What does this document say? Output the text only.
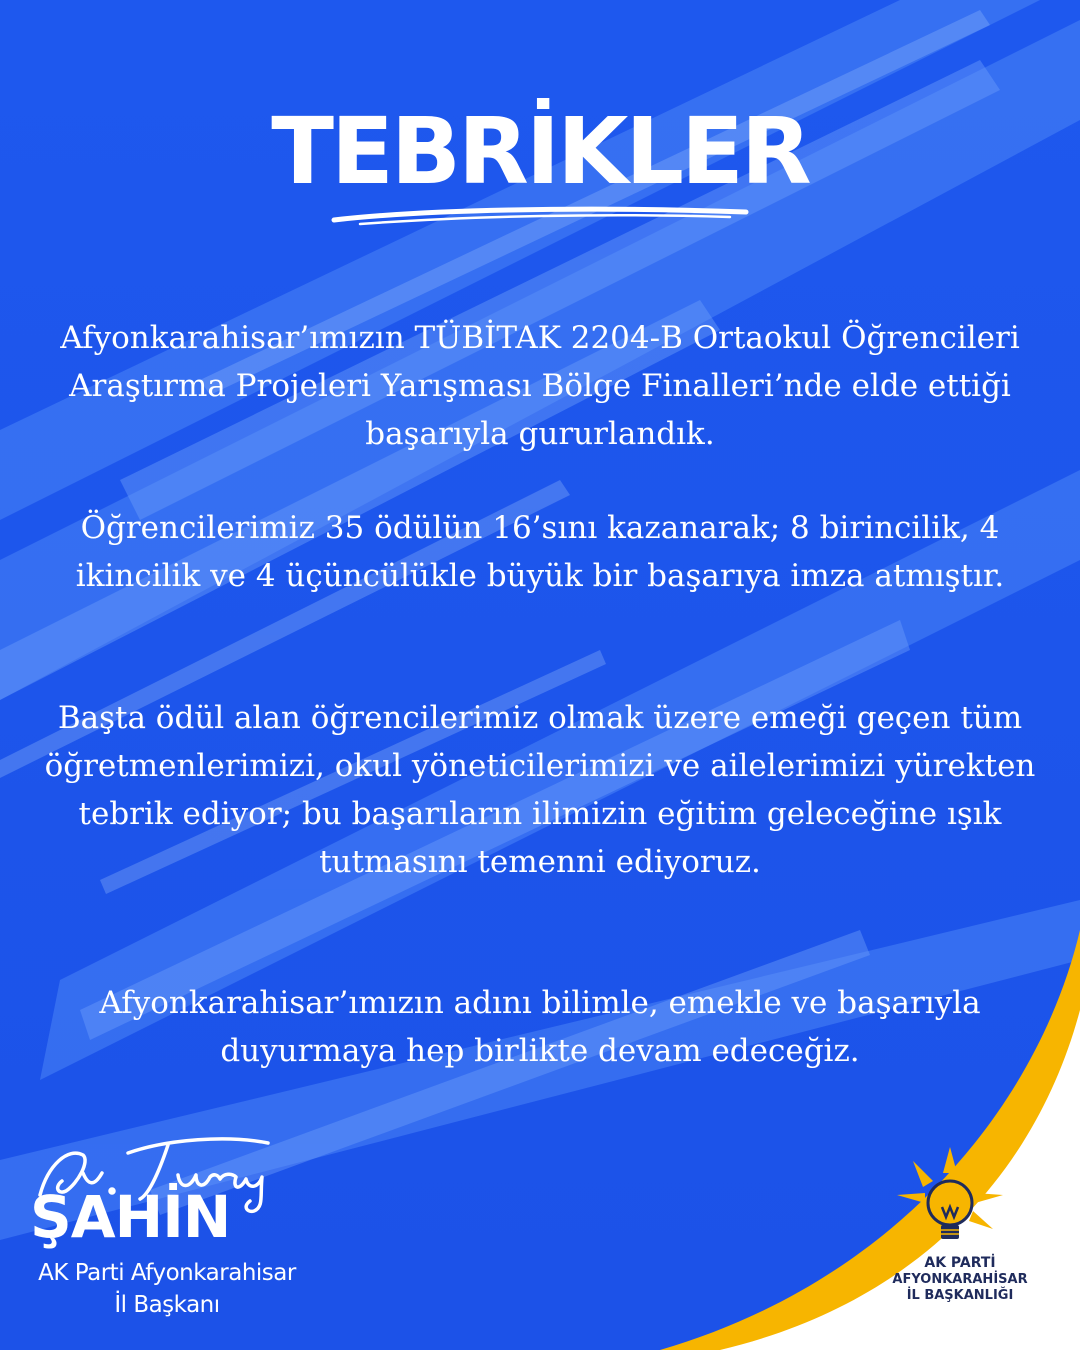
TEBRİKLER

Afyonkarahisar’ımızın TÜBİTAK 2204-B Ortaokul Öğrencileri Araştırma Projeleri Yarışması Bölge Finalleri’nde elde ettiği başarıyla gururlandık.

Öğrencilerimiz 35 ödülün 16’sını kazanarak; 8 birincilik, 4 ikincilik ve 4 üçüncülükle büyük bir başarıya imza atmıştır.

Başta ödül alan öğrencilerimiz olmak üzere emeği geçen tüm öğretmenlerimizi, okul yöneticilerimizi ve ailelerimizi yürekten tebrik ediyor; bu başarıların ilimizin eğitim geleceğine ışık tutmasını temenni ediyoruz.

Afyonkarahisar’ımızın adını bilimle, emekle ve başarıyla duyurmaya hep birlikte devam edeceğiz.

ŞAHİN
AK Parti Afyonkarahisar
İl Başkanı
AK PARTİ
AFYONKARAHİSAR
İL BAŞKANLIĞI
